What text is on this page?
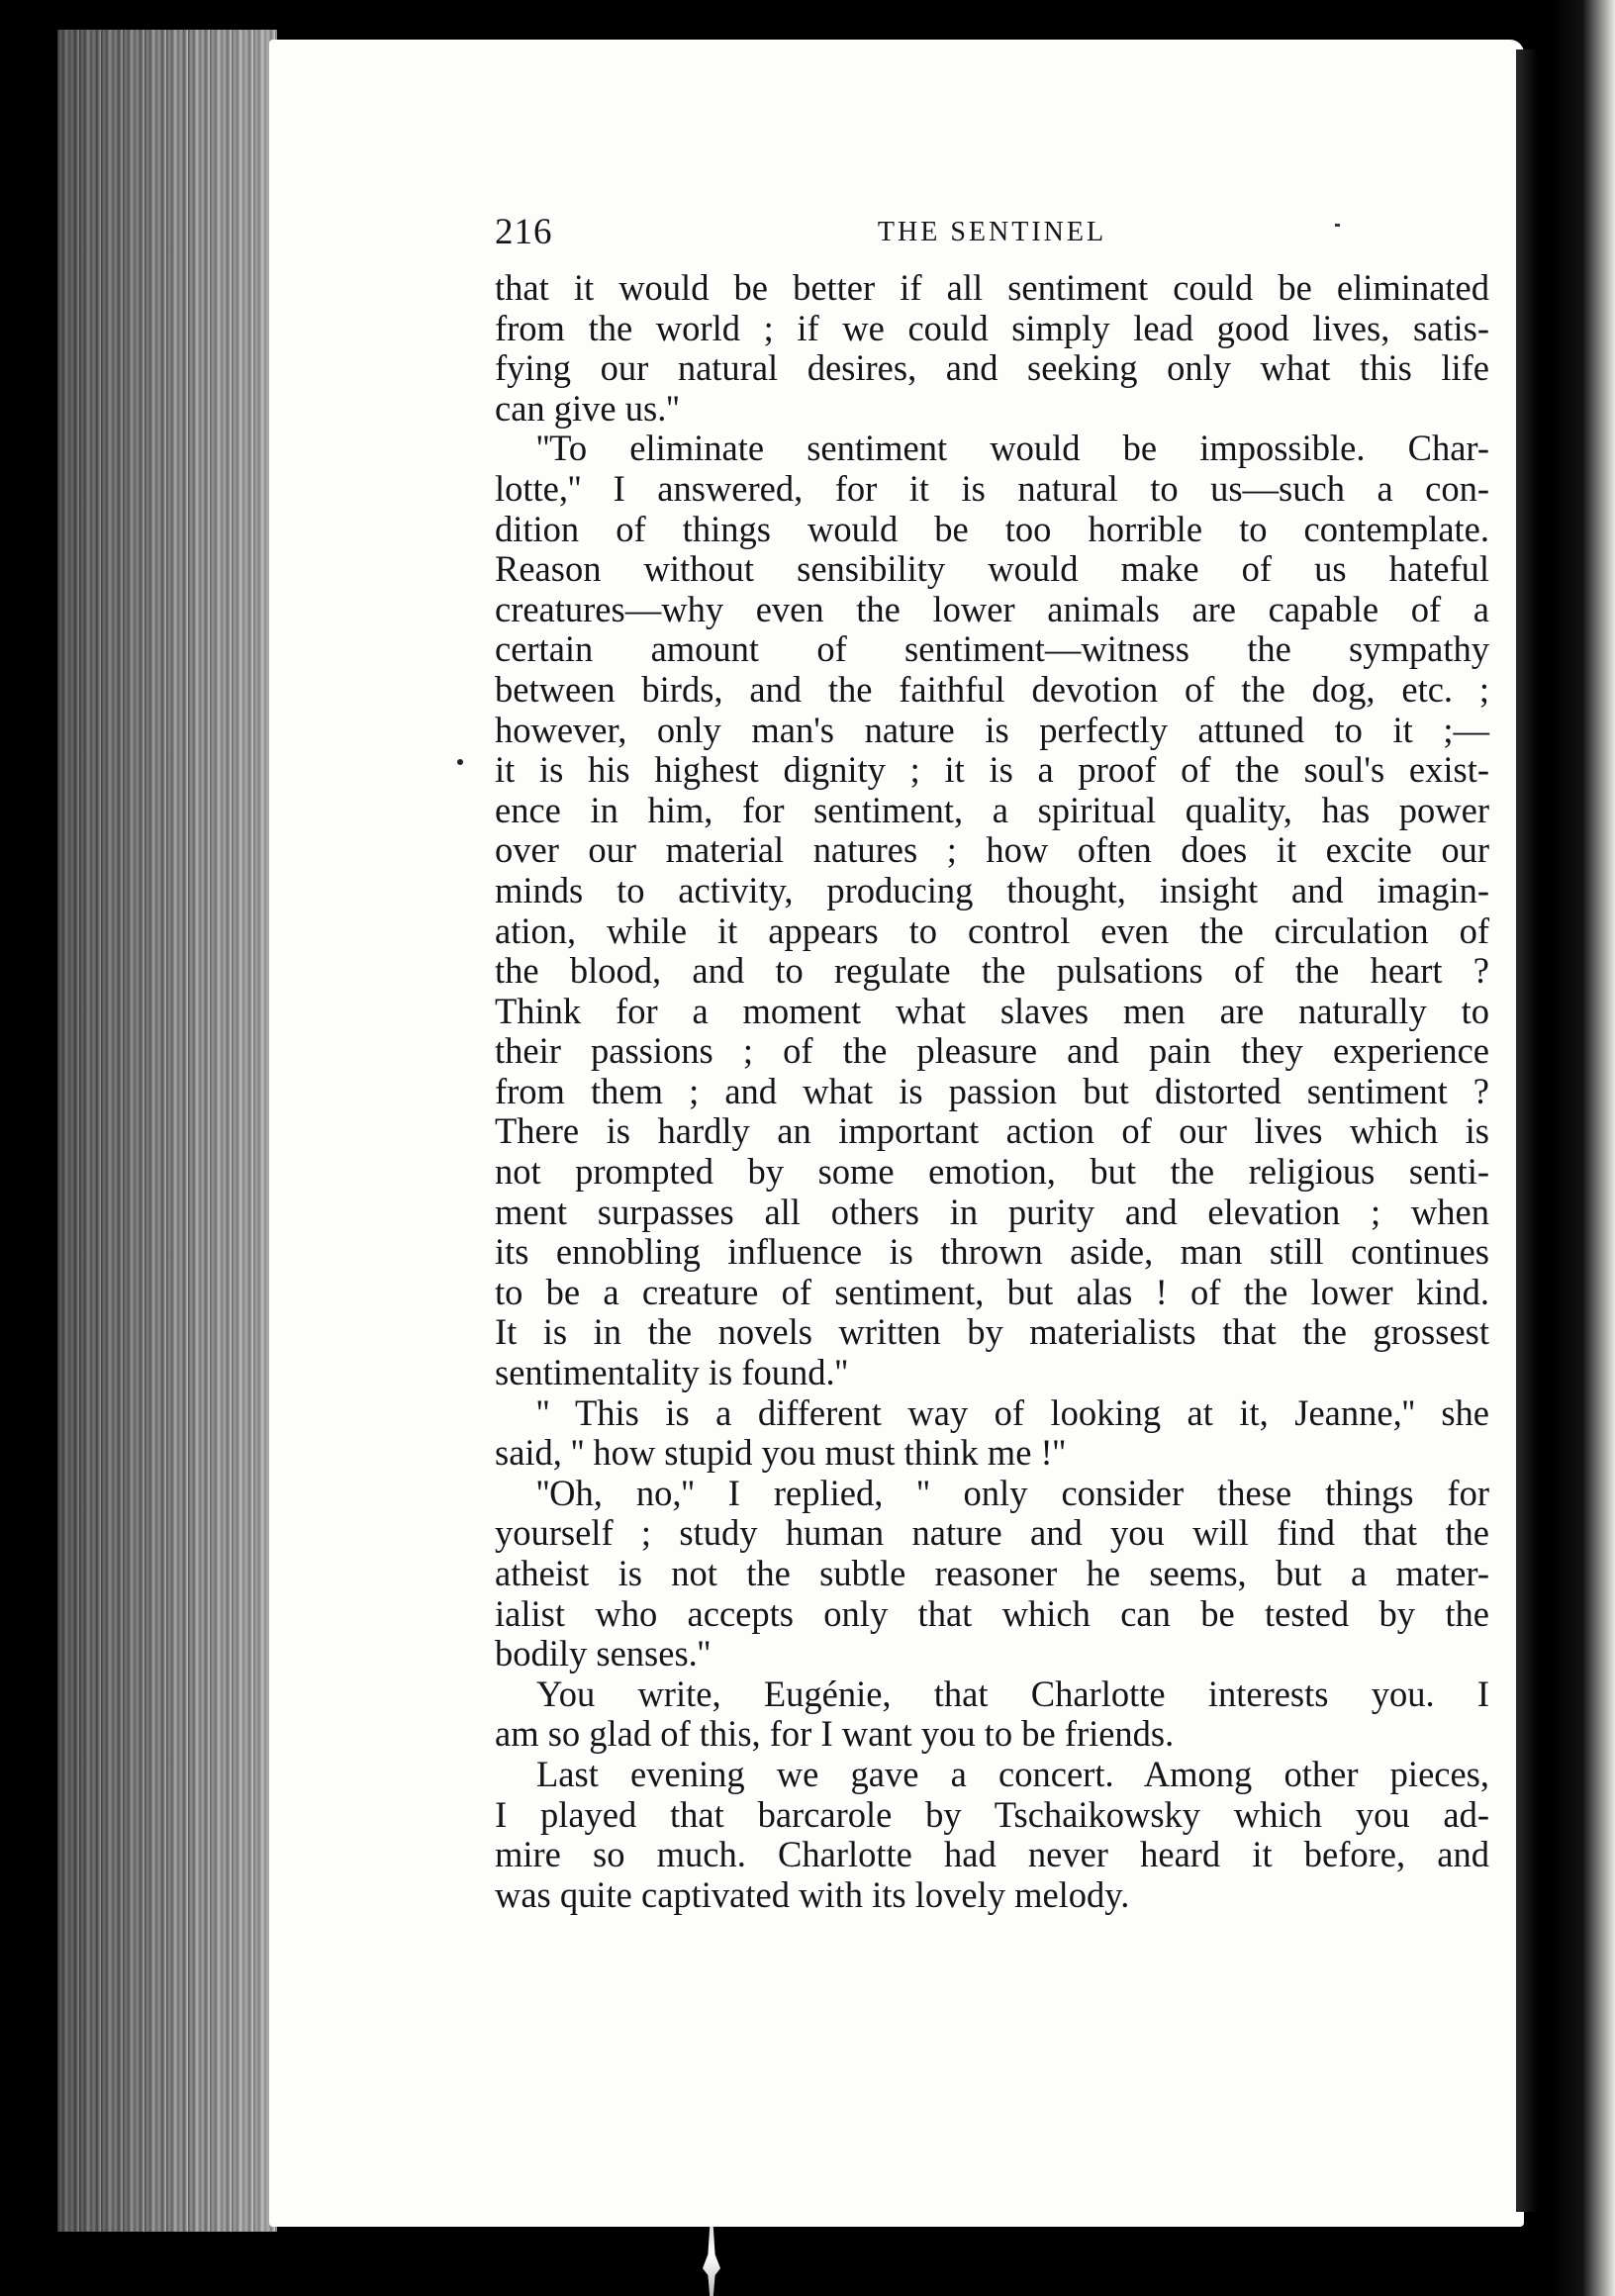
216	THE SENTINEL
that it would be better if all sentiment could be eliminated
from the world ; if we could simply lead good lives, satis-
fying our natural desires, and seeking only what this life
can give us.''
''To eliminate sentiment would be impossible. Char-
lotte,'' I answered, for it is natural to us—such a con-
dition of things would be too horrible to contemplate.
Reason without sensibility would make of us hateful
creatures—why even the lower animals are capable of a
certain amount of sentiment—witness the sympathy
between birds, and the faithful devotion of the dog, etc. ;
however, only man's nature is perfectly attuned to it ;—
it is his highest dignity ; it is a proof of the soul's exist-
ence in him, for sentiment, a spiritual quality, has power
over our material natures ; how often does it excite our
minds to activity, producing thought, insight and imagin-
ation, while it appears to control even the circulation of
the blood, and to regulate the pulsations of the heart ?
Think for a moment what slaves men are naturally to
their passions ; of the pleasure and pain they experience
from them ; and what is passion but distorted sentiment ?
There is hardly an important action of our lives which is
not prompted by some emotion, but the religious senti-
ment surpasses all others in purity and elevation ; when
its ennobling influence is thrown aside, man still continues
to be a creature of sentiment, but alas ! of the lower kind.
It is in the novels written by materialists that the grossest
sentimentality is found.''
'' This is a different way of looking at it, Jeanne,'' she
said, '' how stupid you must think me !''
''Oh, no,'' I replied, '' only consider these things for
yourself ; study human nature and you will find that the
atheist is not the subtle reasoner he seems, but a mater-
ialist who accepts only that which can be tested by the
bodily senses.''
You write, Eugénie, that Charlotte interests you. I
am so glad of this, for I want you to be friends.
Last evening we gave a concert. Among other pieces,
I played that barcarole by Tschaikowsky which you ad-
mire so much. Charlotte had never heard it before, and
was quite captivated with its lovely melody.
